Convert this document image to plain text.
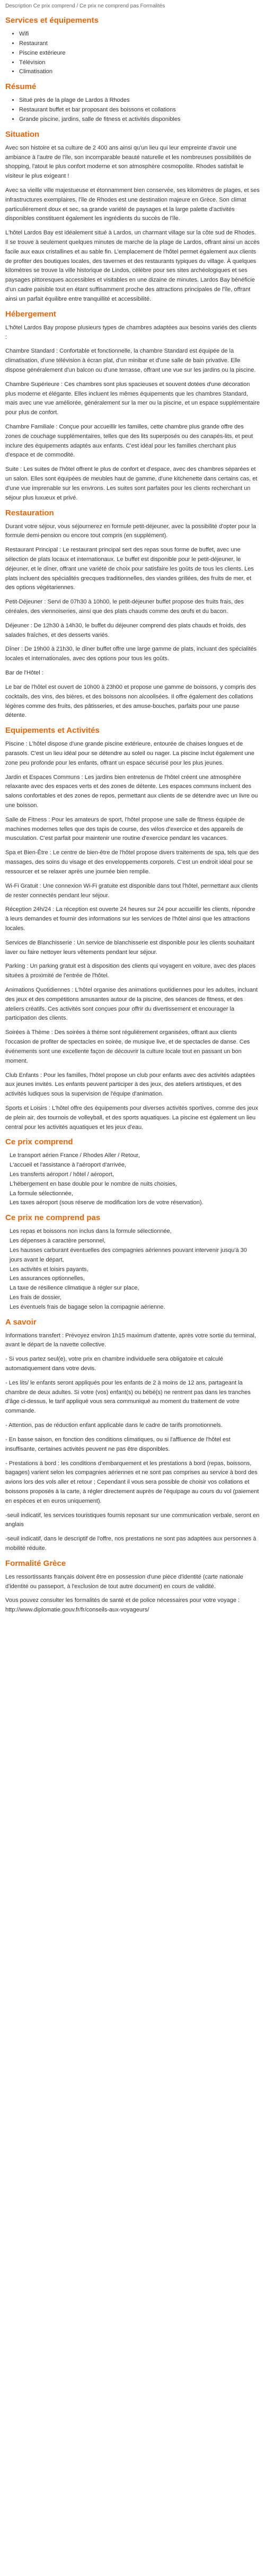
Description Ce prix comprend / Ce prix ne comprend pas Formalités
Services et équipements
• Wifi
• Restaurant
• Piscine extérieure
• Télévision
• Climatisation
Résumé
• Situé près de la plage de Lardos à Rhodes
• Restaurant buffet et bar proposant des boissons et collations
• Grande piscine, jardins, salle de fitness et activités disponibles
Situation

Avec son histoire et sa culture de 2 400 ans ainsi qu'un lieu qui leur empreinte d'avoir une ambiance à l'autre de l'île, son incomparable beauté naturelle et les nombreuses possibilités de shopping, l'atout le plus confort moderne et son atmosphère cosmopolite. Rhodes satisfait le visiteur le plus exigeant !

Avec sa vieille ville majestueuse et étonnamment bien conservée, ses kilomètres de plages, et ses infrastructures exemplaires, l'île de Rhodes est une destination majeure en Grèce. Son climat particulièrement doux et sec, sa grande variété de paysages et la large palette d'activités disponibles constituent également les ingrédients du succès de l'île.

L'hôtel Lardos Bay est idéalement situé à Lardos, un charmant village sur la côte sud de Rhodes. Il se trouve à seulement quelques minutes de marche de la plage de Lardos, offrant ainsi un accès facile aux eaux cristallines et au sable fin. L'emplacement de l'hôtel permet également aux clients de profiter des boutiques locales, des tavernes et des restaurants typiques du village. À quelques kilomètres se trouve la ville historique de Lindos, célèbre pour ses sites archéologiques et ses paysages pittoresques accessibles et visitables en une dizaine de minutes. Lardos Bay bénéficie d'un cadre paisible tout en étant suffisamment proche des attractions principales de l'île, offrant ainsi un parfait équilibre entre tranquillité et accessibilité.

Hébergement

L'hôtel Lardos Bay propose plusieurs types de chambres adaptées aux besoins variés des clients :

Chambre Standard : Confortable et fonctionnelle, la chambre Standard est équipée de la climatisation, d'une télévision à écran plat, d'un minibar et d'une salle de bain privative. Elle dispose généralement d'un balcon ou d'une terrasse, offrant une vue sur les jardins ou la piscine.

Chambre Supérieure : Ces chambres sont plus spacieuses et souvent dotées d'une décoration plus moderne et élégante. Elles incluent les mêmes équipements que les chambres Standard, mais avec une vue améliorée, généralement sur la mer ou la piscine, et un espace supplémentaire pour plus de confort.

Chambre Familiale : Conçue pour accueillir les familles, cette chambre plus grande offre des zones de couchage supplémentaires, telles que des lits superposés ou des canapés-lits, et peut inclure des équipements adaptés aux enfants. C'est idéal pour les familles cherchant plus d'espace et de commodité.

Suite : Les suites de l'hôtel offrent le plus de confort et d'espace, avec des chambres séparées et un salon. Elles sont équipées de meubles haut de gamme, d'une kitchenette dans certains cas, et d'une vue imprenable sur les environs. Les suites sont parfaites pour les clients recherchant un séjour plus luxueux et privé.

Restauration

Durant votre séjour, vous séjournerez en formule petit-déjeuner, avec la possibilité d'opter pour la formule demi-pension ou encore tout compris (en supplément).

Restaurant Principal : Le restaurant principal sert des repas sous forme de buffet, avec une sélection de plats locaux et internationaux. Le buffet est disponible pour le petit-déjeuner, le déjeuner, et le dîner, offrant une variété de choix pour satisfaire les goûts de tous les clients. Les plats incluent des spécialités grecques traditionnelles, des viandes grillées, des fruits de mer, et des options végétariennes.

Petit-Déjeuner : Servi de 07h30 à 10h00, le petit-déjeuner buffet propose des fruits frais, des céréales, des viennoiseries, ainsi que des plats chauds comme des œufs et du bacon.

Déjeuner : De 12h30 à 14h30, le buffet du déjeuner comprend des plats chauds et froids, des salades fraîches, et des desserts variés.

Dîner : De 19h00 à 21h30, le dîner buffet offre une large gamme de plats, incluant des spécialités locales et internationales, avec des options pour tous les goûts.

Bar de l'Hôtel :

Le bar de l'hôtel est ouvert de 10h00 à 23h00 et propose une gamme de boissons, y compris des cocktails, des vins, des bières, et des boissons non alcoolisées. Il offre également des collations légères comme des fruits, des pâtisseries, et des amuse-bouches, parfaits pour une pause détente.

Equipements et Activités

Piscine : L'hôtel dispose d'une grande piscine extérieure, entourée de chaises longues et de parasols. C'est un lieu idéal pour se détendre au soleil ou nager. La piscine inclut également une zone peu profonde pour les enfants, offrant un espace sécurisé pour les plus jeunes.

Jardin et Espaces Communs : Les jardins bien entretenus de l'hôtel créent une atmosphère relaxante avec des espaces verts et des zones de détente. Les espaces communs incluent des salons confortables et des zones de repos, permettant aux clients de se détendre avec un livre ou une boisson.

Salle de Fitness : Pour les amateurs de sport, l'hôtel propose une salle de fitness équipée de machines modernes telles que des tapis de course, des vélos d'exercice et des appareils de musculation. C'est parfait pour maintenir une routine d'exercice pendant les vacances.

Spa et Bien-Être : Le centre de bien-être de l'hôtel propose divers traitements de spa, tels que des massages, des soins du visage et des enveloppements corporels. C'est un endroit idéal pour se ressourcer et se relaxer après une journée bien remplie.

Wi-Fi Gratuit : Une connexion Wi-Fi gratuite est disponible dans tout l'hôtel, permettant aux clients de rester connectés pendant leur séjour.

Réception 24h/24 : La réception est ouverte 24 heures sur 24 pour accueillir les clients, répondre à leurs demandes et fournir des informations sur les services de l'hôtel ainsi que les attractions locales.

Services de Blanchisserie : Un service de blanchisserie est disponible pour les clients souhaitant laver ou faire nettoyer leurs vêtements pendant leur séjour.

Parking : Un parking gratuit est à disposition des clients qui voyagent en voiture, avec des places situées à proximité de l'entrée de l'hôtel.

Animations Quotidiennes : L'hôtel organise des animations quotidiennes pour les adultes, incluant des jeux et des compétitions amusantes autour de la piscine, des séances de fitness, et des ateliers créatifs. Ces activités sont conçues pour offrir du divertissement et encourager la participation des clients.

Soirées à Thème : Des soirées à thème sont régulièrement organisées, offrant aux clients l'occasion de profiter de spectacles en soirée, de musique live, et de spectacles de danse. Ces événements sont une excellente façon de découvrir la culture locale tout en passant un bon moment.

Club Enfants : Pour les familles, l'hôtel propose un club pour enfants avec des activités adaptées aux jeunes invités. Les enfants peuvent participer à des jeux, des ateliers artistiques, et des activités ludiques sous la supervision de l'équipe d'animation.

Sports et Loisirs : L'hôtel offre des équipements pour diverses activités sportives, comme des jeux de plein air, des tournois de volleyball, et des sports aquatiques. La piscine est également un lieu central pour les activités aquatiques et les jeux d'eau.

Ce prix comprend
Le transport aérien France / Rhodes Aller / Retour,
L'accueil et l'assistance à l'aéroport d'arrivée,
Les transferts aéroport / hôtel / aéroport,
L'hébergement en base double pour le nombre de nuits choisies,
La formule sélectionnée,
Les taxes aéroport (sous réserve de modification lors de votre réservation).
Ce prix ne comprend pas
Les repas et boissons non inclus dans la formule sélectionnée,
Les dépenses à caractère personnel,
Les hausses carburant éventuelles des compagnies aériennes pouvant intervenir jusqu'à 30 jours avant le départ,
Les activités et loisirs payants,
Les assurances optionnelles,
La taxe de résilience climatique à régler sur place,
Les frais de dossier,
Les éventuels frais de bagage selon la compagnie aérienne.
A savoir

Informations transfert : Prévoyez environ 1h15 maximum d'attente, après votre sortie du terminal, avant le départ de la navette collective.

- Si vous partez seul(e), votre prix en chambre individuelle sera obligatoire et calculé automatiquement dans votre devis.

- Les lits/ le enfants seront appliqués pour les enfants de 2 à moins de 12 ans, partageant la chambre de deux adultes. Si votre (vos) enfant(s) ou bébé(s) ne rentrent pas dans les tranches d'âge ci-dessus, le tarif appliqué vous sera communiqué au moment du traitement de votre commande.

- Attention, pas de réduction enfant applicable dans le cadre de tarifs promotionnels.

- En basse saison, en fonction des conditions climatiques, ou si l'affluence de l'hôtel est insuffisante, certaines activités peuvent ne pas être disponibles.

- Prestations à bord : les conditions d'embarquement et les prestations à bord (repas, boissons, bagages) varient selon les compagnies aériennes et ne sont pas comprises au service à bord des avions lors des vols aller et retour ; Cependant il vous sera possible de choisir vos collations et boissons proposés à la carte, à régler directement auprès de l'équipage au cours du vol (paiement en espèces et en euros uniquement).

-seuil indicatif, les services touristiques fournis reposant sur une communication verbale, seront en anglais

-seuil indicatif, dans le descriptif de l'offre, nos prestations ne sont pas adaptées aux personnes à mobilité réduite.

Formalité Grèce

Les ressortissants français doivent être en possession d'une pièce d'identité (carte nationale d'identité ou passeport, à l'exclusion de tout autre document) en cours de validité.

Vous pouvez consulter les formalités de santé et de police nécessaires pour votre voyage : http://www.diplomatie.gouv.fr/fr/conseils-aux-voyageurs/
